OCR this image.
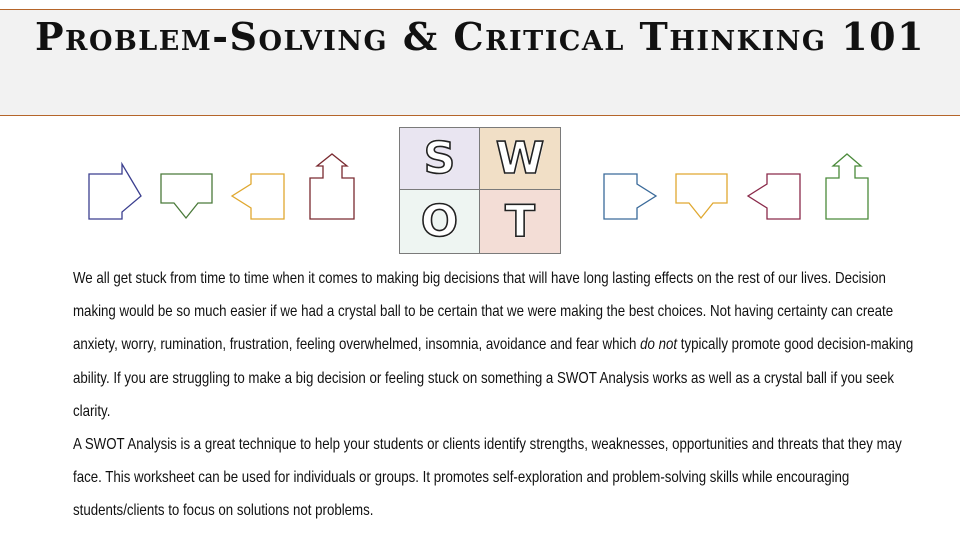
Problem-Solving & Critical Thinking 101
S W
O	T

We all get stuck from time to time when it comes to making big decisions that will have long lasting effects on the rest of our lives. Decision making would be so much easier if we had a crystal ball to be certain that we were making the best choices. Not having certainty can create anxiety, worry, rumination, frustration, feeling overwhelmed, insomnia, avoidance and fear which do not typically promote good decision-making ability. If you are struggling to make a big decision or feeling stuck on something a SWOT Analysis works as well as a crystal ball if you seek clarity.

A SWOT Analysis is a great technique to help your students or clients identify strengths, weaknesses, opportunities and threats that they may face. This worksheet can be used for individuals or groups. It promotes self-exploration and problem-solving skills while encouraging students/clients to focus on solutions not problems.
